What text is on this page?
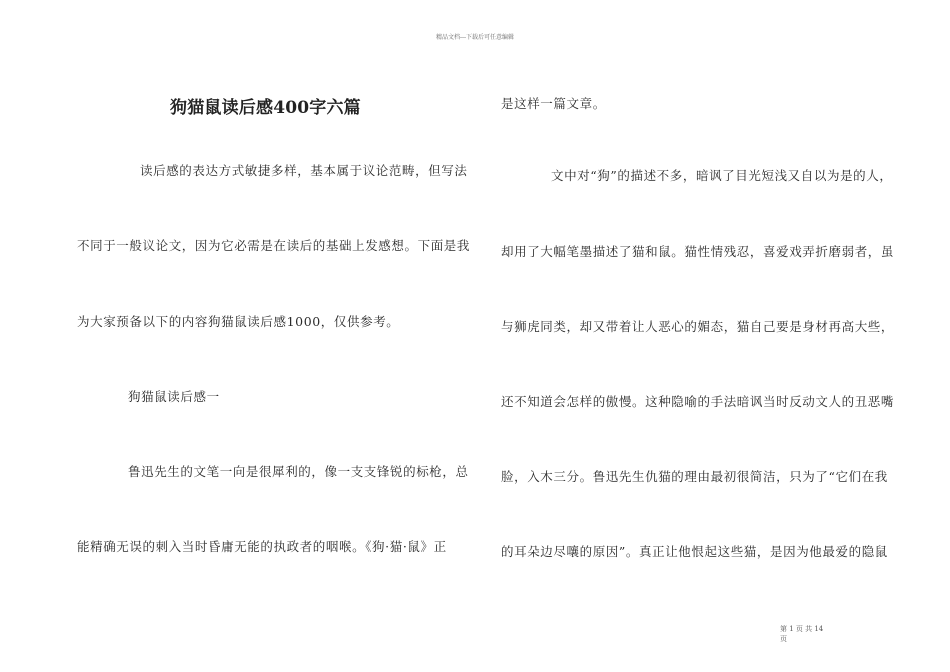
精品文档---下载后可任意编辑
狗猫鼠读后感400字六篇
读后感的表达方式敏捷多样，基本属于议论范畴，但写法
不同于一般议论文，因为它必需是在读后的基础上发感想。下面是我
为大家预备以下的内容狗猫鼠读后感1000，仅供参考。
狗猫鼠读后感一
鲁迅先生的文笔一向是很犀利的，像一支支锋锐的标枪，总
能精确无误的刺入当时昏庸无能的执政者的咽喉。《狗·猫·鼠》正
是这样一篇文章。
文中对“狗”的描述不多，暗讽了目光短浅又自以为是的人，
却用了大幅笔墨描述了猫和鼠。猫性情残忍，喜爱戏弄折磨弱者，虽
与狮虎同类，却又带着让人恶心的媚态，猫自己要是身材再高大些，
还不知道会怎样的傲慢。这种隐喻的手法暗讽当时反动文人的丑恶嘴
脸，入木三分。鲁迅先生仇猫的理由最初很简洁，只为了“它们在我
的耳朵边尽嚷的原因”。真正让他恨起这些猫，是因为他最爱的隐鼠
第 1 页 共 14
页
